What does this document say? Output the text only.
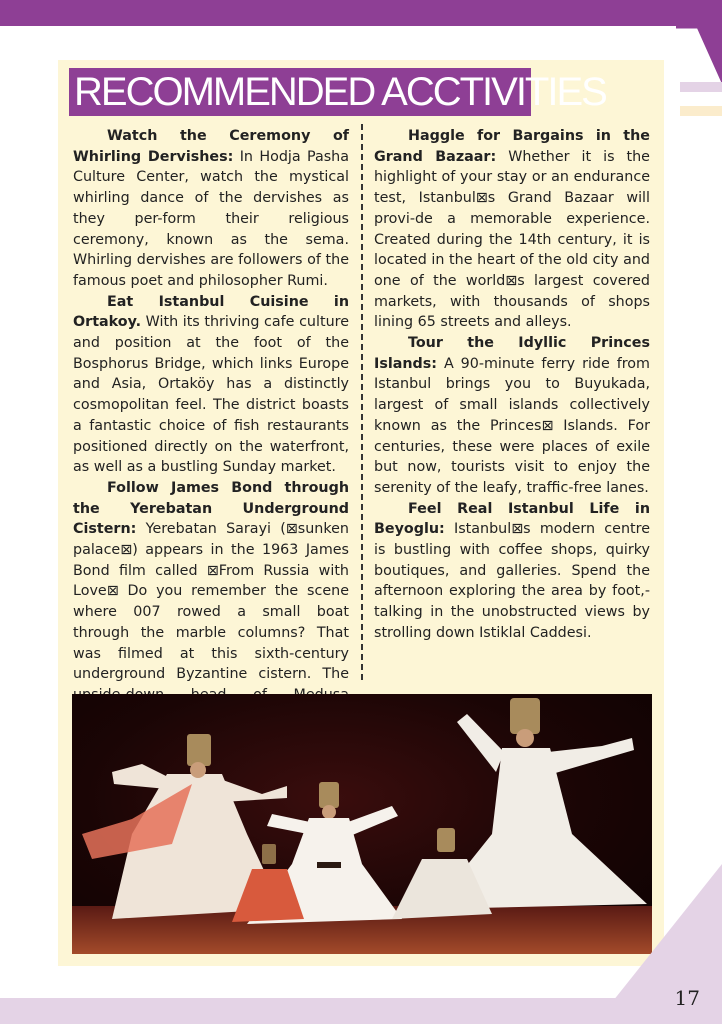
RECOMMENDED ACCTIVITIES

Watch the Ceremony of Whirling Dervishes: In Hodja Pasha Culture Center, watch the mystical whirling dance of the dervishes as they per-form their religious ceremony, known as the sema. Whirling dervishes are followers of the famous poet and philosopher Rumi.

Eat Istanbul Cuisine in Ortakoy. With its thriving cafe culture and position at the foot of the Bosphorus Bridge, which links Europe and Asia, Ortaköy has a distinctly cosmopolitan feel. The district boasts a fantastic choice of fish restaurants positioned directly on the waterfront, as well as a bustling Sunday market.

Follow James Bond through the Yerebatan Underground Cistern: Yerebatan Sarayi (⊠sunken palace⊠) appears in the 1963 James Bond film called ⊠From Russia with Love⊠ Do you remember the scene where 007 rowed a small boat through the marble columns? That was filmed at this sixth-century underground Byzantine cistern. The

Haggle for Bargains in the Grand Bazaar: Whether it is the highlight of your stay or an endurance test, Istanbul⊠s Grand Bazaar will provi-de a memorable experience. Created during the 14th century, it is located in the heart of the old city and one of the world⊠s largest covered markets, with thousands of shops lining 65 streets and alleys.

Tour the Idyllic Princes Islands: A 90-minute ferry ride from Istanbul brings you to Buyukada, largest of small islands collectively known as the Princes⊠ Islands. For centuries, these were places of exile but now, tourists visit to enjoy the serenity of the leafy, traffic-free lanes.

Feel Real Istanbul Life in Beyoglu: Istanbul⊠s modern centre is bustling with coffee shops, quirky boutiques, and galleries. Spend the afternoon exploring the area by foot,- talking in the unobstructed views by strolling down Istiklal Caddesi.

17
